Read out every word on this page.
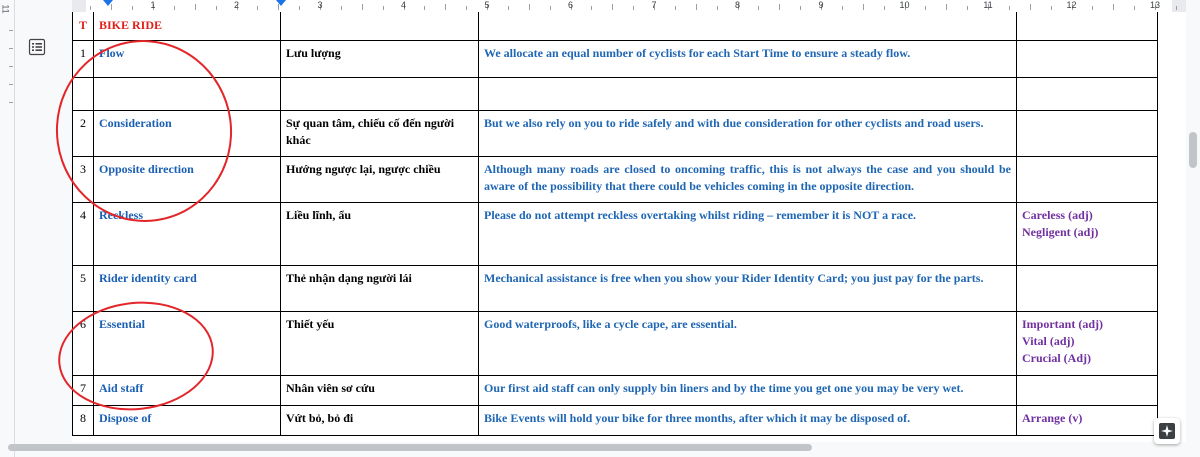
11	1	2	3	4	5	6	7	8	9	10	11	12	13
T	BIKE RIDE			
1	Flow	Lưu lượng	We allocate an equal number of cyclists for each Start Time to ensure a steady flow.	

2	Consideration	Sự quan tâm, chiếu cố đến người khác	But we also rely on you to ride safely and with due consideration for other cyclists and road users.	
3	Opposite direction	Hướng ngược lại, ngược chiều	Although many roads are closed to oncoming traffic, this is not always the case and you should be aware of the possibility that there could be vehicles coming in the opposite direction.	
4	Reckless	Liều lĩnh, ẩu	Please do not attempt reckless overtaking whilst riding – remember it is NOT a race.	Careless (adj)
Negligent (adj)
5	Rider identity card	Thẻ nhận dạng người lái	Mechanical assistance is free when you show your Rider Identity Card; you just pay for the parts.	
6	Essential	Thiết yếu	Good waterproofs, like a cycle cape, are essential.	Important (adj)
Vital (adj)
Crucial (Adj)
7	Aid staff	Nhân viên sơ cứu	Our first aid staff can only supply bin liners and by the time you get one you may be very wet.	
8	Dispose of	Vứt bỏ, bỏ đi	Bike Events will hold your bike for three months, after which it may be disposed of.	Arrange (v)
